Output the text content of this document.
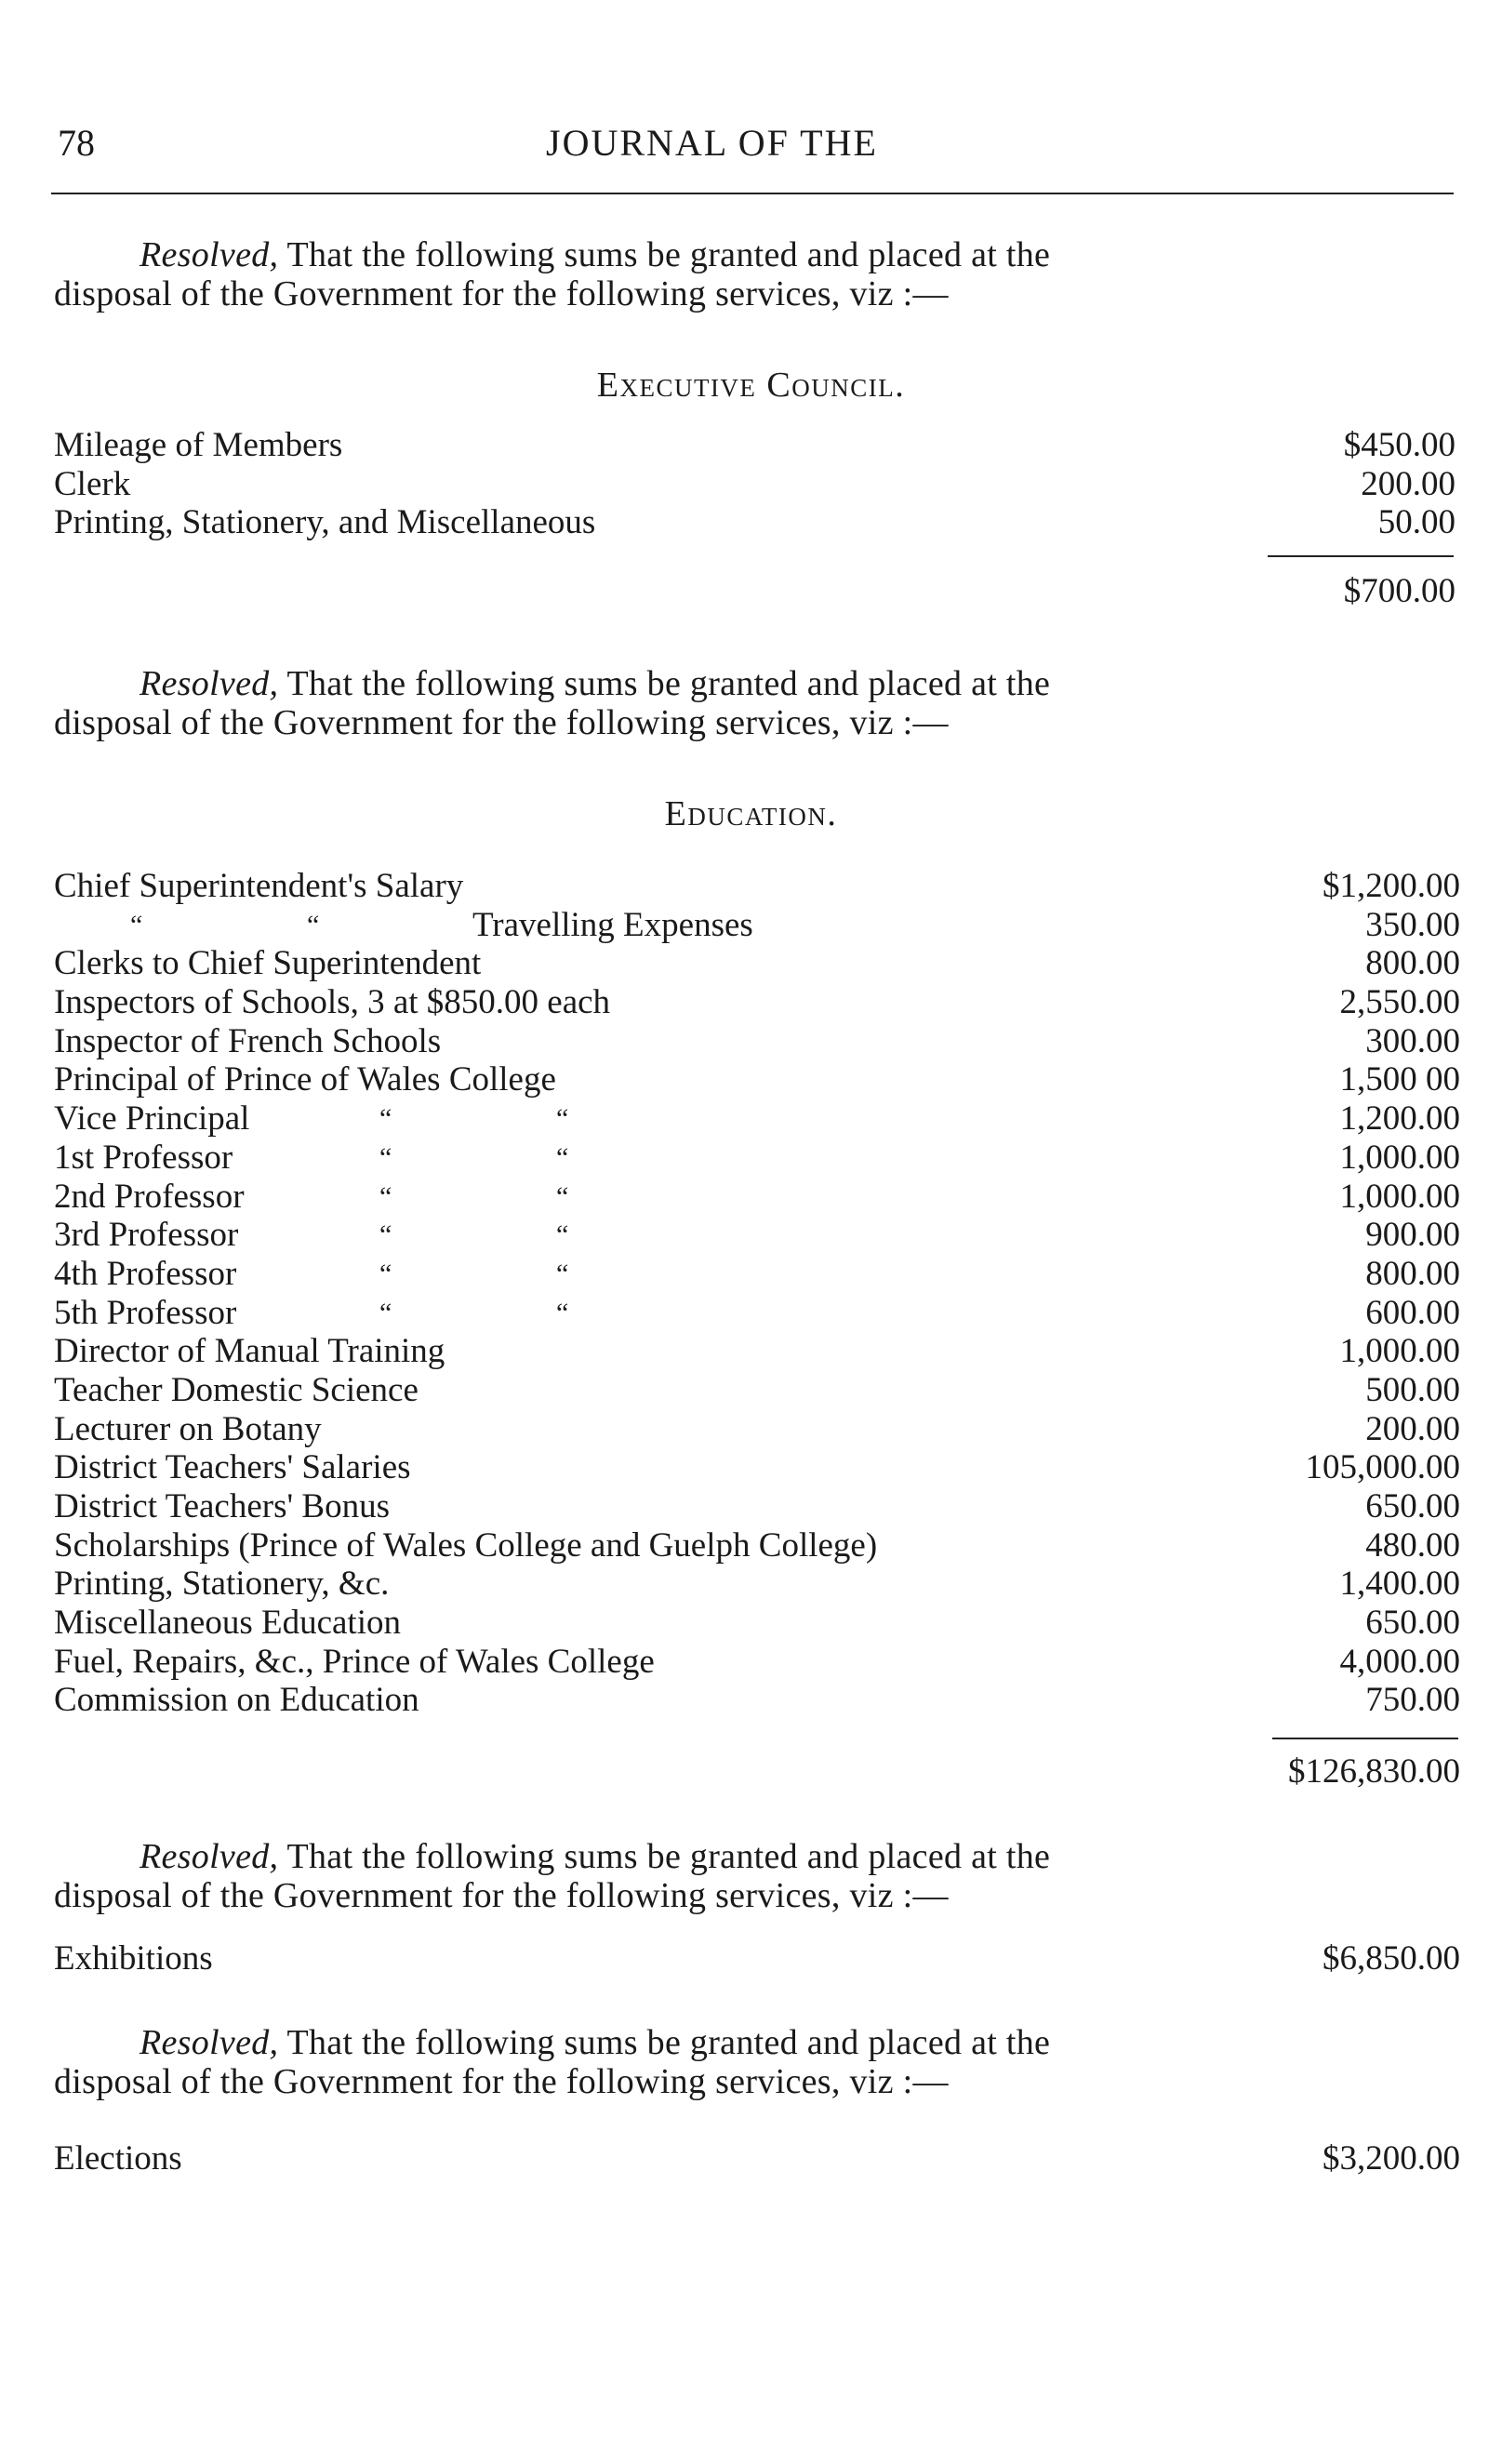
78	JOURNAL OF THE
Resolved, That the following sums be granted and placed at the
disposal of the Government for the following services, viz :—
Executive Council.
Mileage of Members	$450.00
Clerk	200.00
Printing, Stationery, and Miscellaneous	50.00
$700.00
Resolved, That the following sums be granted and placed at the
disposal of the Government for the following services, viz :—
Education.
Chief Superintendent's Salary	$1,200.00
“	“	Travelling Expenses	350.00
Clerks to Chief Superintendent	800.00
Inspectors of Schools, 3 at $850.00 each	2,550.00
Inspector of French Schools	300.00
Principal of Prince of Wales College	1,500 00
Vice Principal	“	“	1,200.00
1st Professor	“	“	1,000.00
2nd Professor	“	“	1,000.00
3rd Professor	“	“	900.00
4th Professor	“	“	800.00
5th Professor	“	“	600.00
Director of Manual Training	1,000.00
Teacher Domestic Science	500.00
Lecturer on Botany	200.00
District Teachers' Salaries	105,000.00
District Teachers' Bonus	650.00
Scholarships (Prince of Wales College and Guelph College)	480.00
Printing, Stationery, &c.	1,400.00
Miscellaneous Education	650.00
Fuel, Repairs, &c., Prince of Wales College	4,000.00
Commission on Education	750.00
$126,830.00
Resolved, That the following sums be granted and placed at the
disposal of the Government for the following services, viz :—
Exhibitions	$6,850.00
Resolved, That the following sums be granted and placed at the
disposal of the Government for the following services, viz :—
Elections	$3,200.00
